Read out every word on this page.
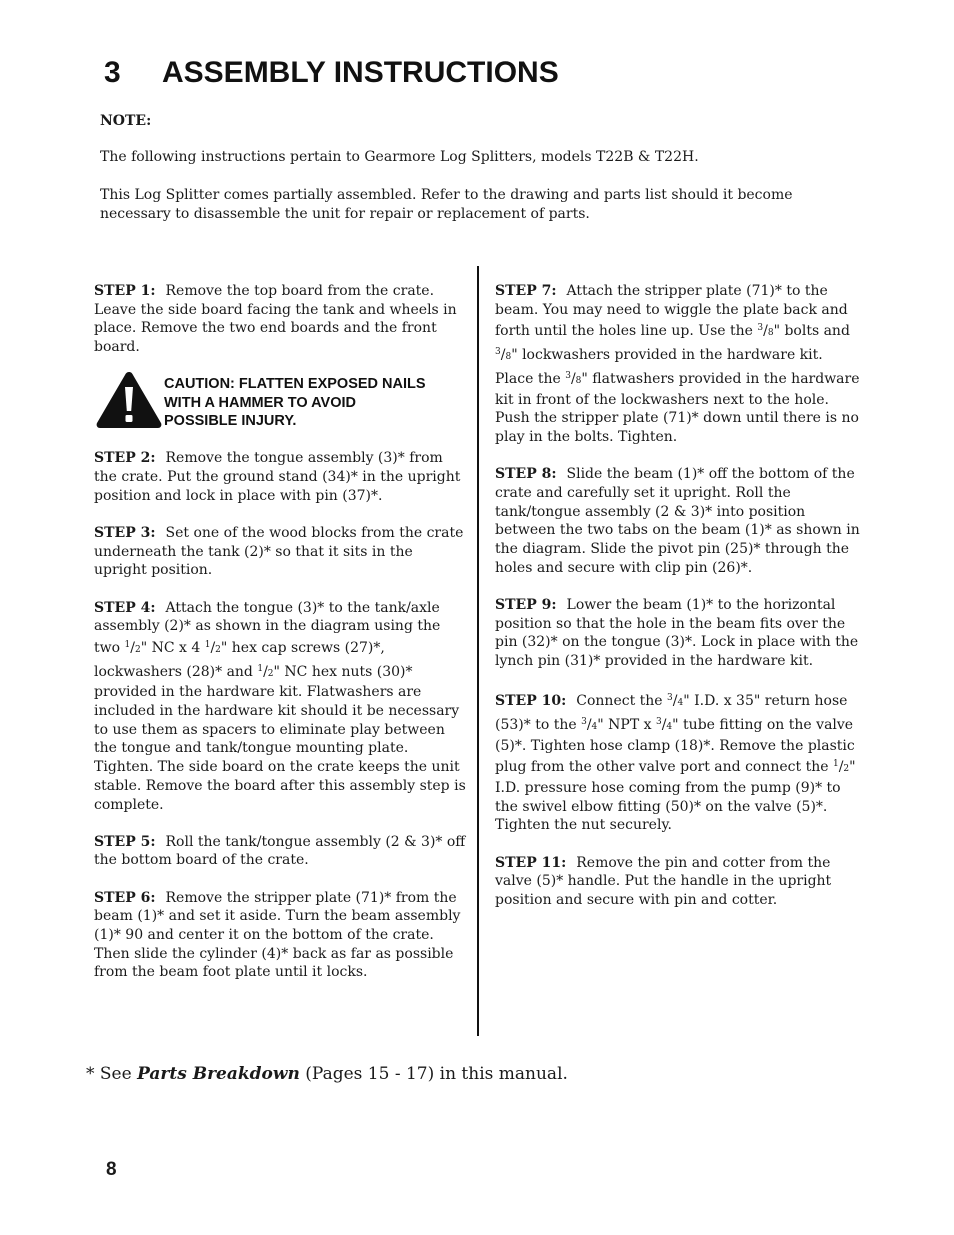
3 ASSEMBLY INSTRUCTIONS
NOTE:
The following instructions pertain to Gearmore Log Splitters, models T22B & T22H.
This Log Splitter comes partially assembled. Refer to the drawing and parts list should it become necessary to disassemble the unit for repair or replacement of parts.

STEP 1: Remove the top board from the crate. Leave the side board facing the tank and wheels in place. Remove the two end boards and the front board.

CAUTION: FLATTEN EXPOSED NAILS
WITH A HAMMER TO AVOID
POSSIBLE INJURY.

STEP 2: Remove the tongue assembly (3)* from the crate. Put the ground stand (34)* in the upright position and lock in place with pin (37)*.

STEP 3: Set one of the wood blocks from the crate underneath the tank (2)* so that it sits in the upright position.

STEP 4: Attach the tongue (3)* to the tank/axle assembly (2)* as shown in the diagram using the two $^1$/2" NC x 4 $^1$/2" hex cap screws (27)*, lockwashers (28)* and $^1$/2" NC hex nuts (30)* provided in the hardware kit. Flatwashers are included in the hardware kit should it be necessary to use them as spacers to eliminate play between the tongue and tank/tongue mounting plate. Tighten. The side board on the crate keeps the unit stable. Remove the board after this assembly step is complete.

STEP 5: Roll the tank/tongue assembly (2 & 3)* off the bottom board of the crate.

STEP 6: Remove the stripper plate (71)* from the beam (1)* and set it aside. Turn the beam assembly (1)* 90 and center it on the bottom of the crate. Then slide the cylinder (4)* back as far as possible from the beam foot plate until it locks.

STEP 7: Attach the stripper plate (71)* to the beam. You may need to wiggle the plate back and forth until the holes line up. Use the $^3$/8" bolts and $^3$/8" lockwashers provided in the hardware kit. Place the $^3$/8" flatwashers provided in the hardware kit in front of the lockwashers next to the hole. Push the stripper plate (71)* down until there is no play in the bolts. Tighten.

STEP 8: Slide the beam (1)* off the bottom of the crate and carefully set it upright. Roll the tank/tongue assembly (2 & 3)* into position between the two tabs on the beam (1)* as shown in the diagram. Slide the pivot pin (25)* through the holes and secure with clip pin (26)*.

STEP 9: Lower the beam (1)* to the horizontal position so that the hole in the beam fits over the pin (32)* on the tongue (3)*. Lock in place with the lynch pin (31)* provided in the hardware kit.

STEP 10: Connect the $^3$/4" I.D. x 35" return hose (53)* to the $^3$/4" NPT x $^3$/4" tube fitting on the valve (5)*. Tighten hose clamp (18)*. Remove the plastic plug from the other valve port and connect the $^1$/2" I.D. pressure hose coming from the pump (9)* to the swivel elbow fitting (50)* on the valve (5)*. Tighten the nut securely.

STEP 11: Remove the pin and cotter from the valve (5)* handle. Put the handle in the upright position and secure with pin and cotter.

* See Parts Breakdown (Pages 15 - 17) in this manual.
8
